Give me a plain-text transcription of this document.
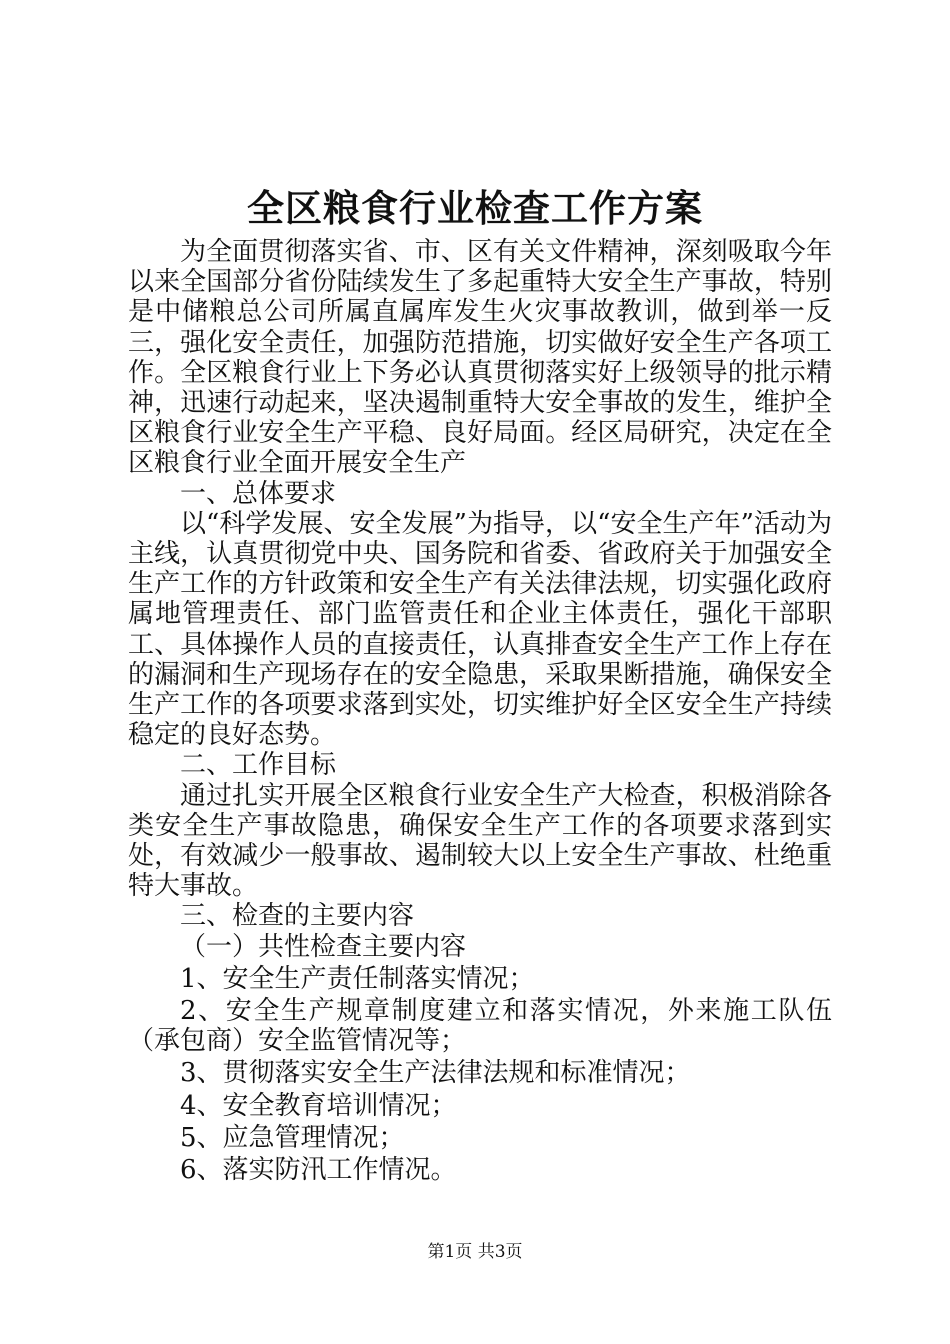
全区粮食行业检查工作方案

为全面贯彻落实省、市、区有关文件精神，深刻吸取今年以来全国部分省份陆续发生了多起重特大安全生产事故，特别是中储粮总公司所属直属库发生火灾事故教训，做到举一反三，强化安全责任，加强防范措施，切实做好安全生产各项工作。全区粮食行业上下务必认真贯彻落实好上级领导的批示精神，迅速行动起来，坚决遏制重特大安全事故的发生，维护全区粮食行业安全生产平稳、良好局面。经区局研究，决定在全区粮食行业全面开展安全生产

一、总体要求

以“科学发展、安全发展”为指导，以“安全生产年”活动为主线，认真贯彻党中央、国务院和省委、省政府关于加强安全生产工作的方针政策和安全生产有关法律法规，切实强化政府属地管理责任、部门监管责任和企业主体责任，强化干部职工、具体操作人员的直接责任，认真排查安全生产工作上存在的漏洞和生产现场存在的安全隐患，采取果断措施，确保安全生产工作的各项要求落到实处，切实维护好全区安全生产持续稳定的良好态势。

二、工作目标

通过扎实开展全区粮食行业安全生产大检查，积极消除各类安全生产事故隐患，确保安全生产工作的各项要求落到实处，有效减少一般事故、遏制较大以上安全生产事故、杜绝重特大事故。

三、检查的主要内容

（一）共性检查主要内容

1、安全生产责任制落实情况；

2、安全生产规章制度建立和落实情况，外来施工队伍（承包商）安全监管情况等；

3、贯彻落实安全生产法律法规和标准情况；

4、安全教育培训情况；

5、应急管理情况；

6、落实防汛工作情况。

第1页 共3页
